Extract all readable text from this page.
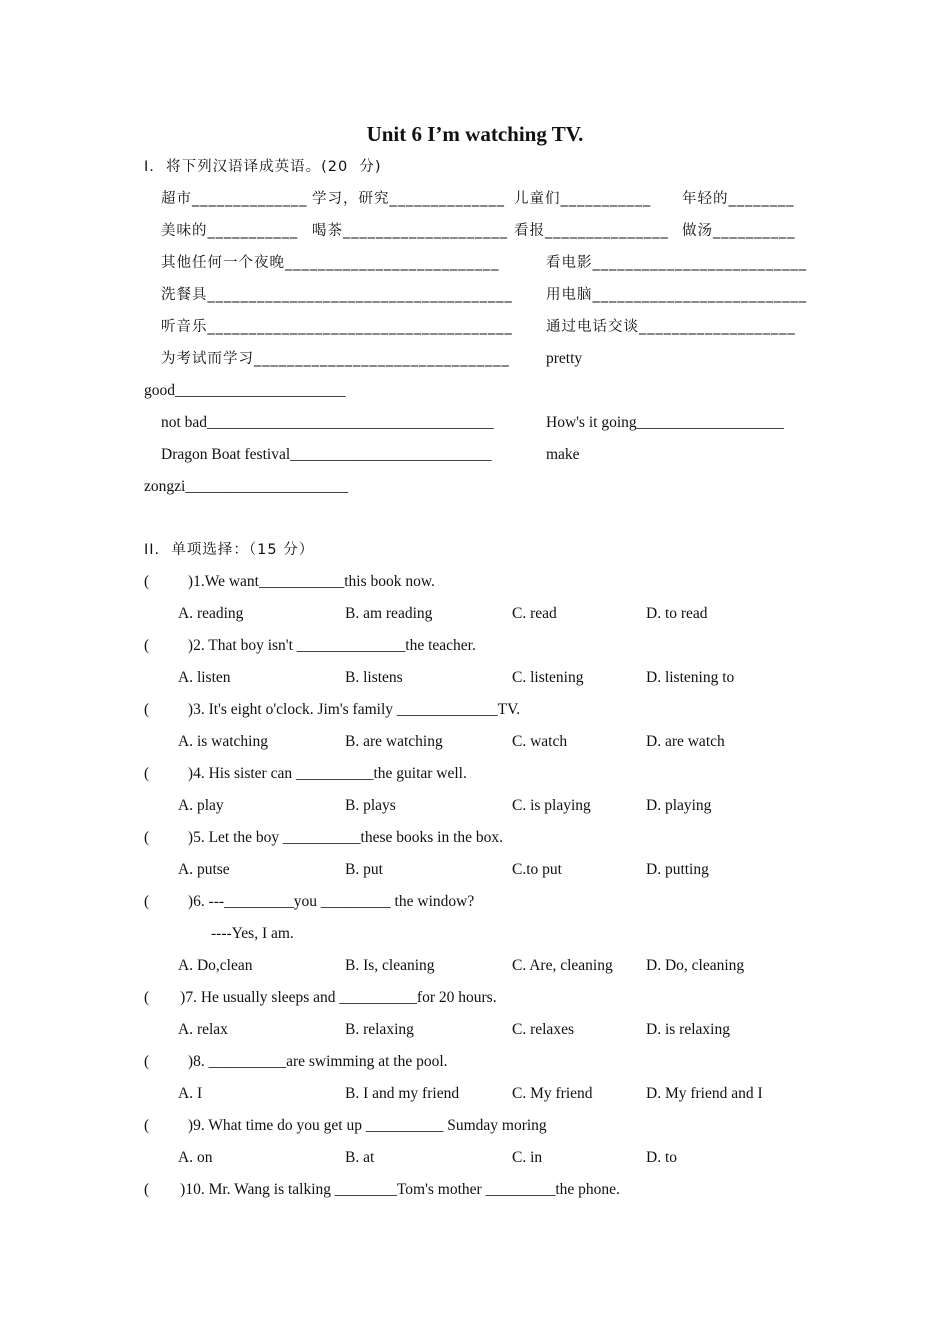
Unit 6 I’m watching TV.
I.  将下列汉语译成英语。(20  分)
超市______________ 学习，研究______________ 儿童们___________ 年轻的________
美味的___________ 喝茶____________________ 看报_______________ 做汤__________
其他任何一个夜晚__________________________	看电影__________________________
洗餐具_____________________________________ 用电脑__________________________
听音乐_____________________________________ 通过电话交谈___________________
为考试而学习_______________________________ pretty
good______________________
not bad_____________________________________	How's it going___________________
Dragon Boat festival__________________________	make
zongzi_____________________
II.  单项选择：（15 分）
(          )1.We want___________this book now.
A. reading	B. am reading	C. read	D. to read
(          )2. That boy isn't ______________the teacher.
A. listen	B. listens	C. listening	D. listening to
(          )3. It's eight o'clock. Jim's family _____________TV.
A. is watching	B. are watching	C. watch	D. are watch
(          )4. His sister can __________the guitar well.
A. play	B. plays	C. is playing	D. playing
(          )5. Let the boy __________these books in the box.
A. putse	B. put	C.to put	D. putting
(          )6. ---_________you _________ the window?
----Yes, I am.
A. Do,clean	B. Is, cleaning	C. Are, cleaning D. Do, cleaning
(        )7. He usually sleeps and __________for 20 hours.
A. relax	B. relaxing	C. relaxes	D. is relaxing
(          )8. __________are swimming at the pool.
A. I	B. I and my friend	C. My friend	D. My friend and I
(          )9. What time do you get up __________ Sumday moring
A. on	B. at	C. in	D. to
(        )10. Mr. Wang is talking ________Tom's mother _________the phone.
